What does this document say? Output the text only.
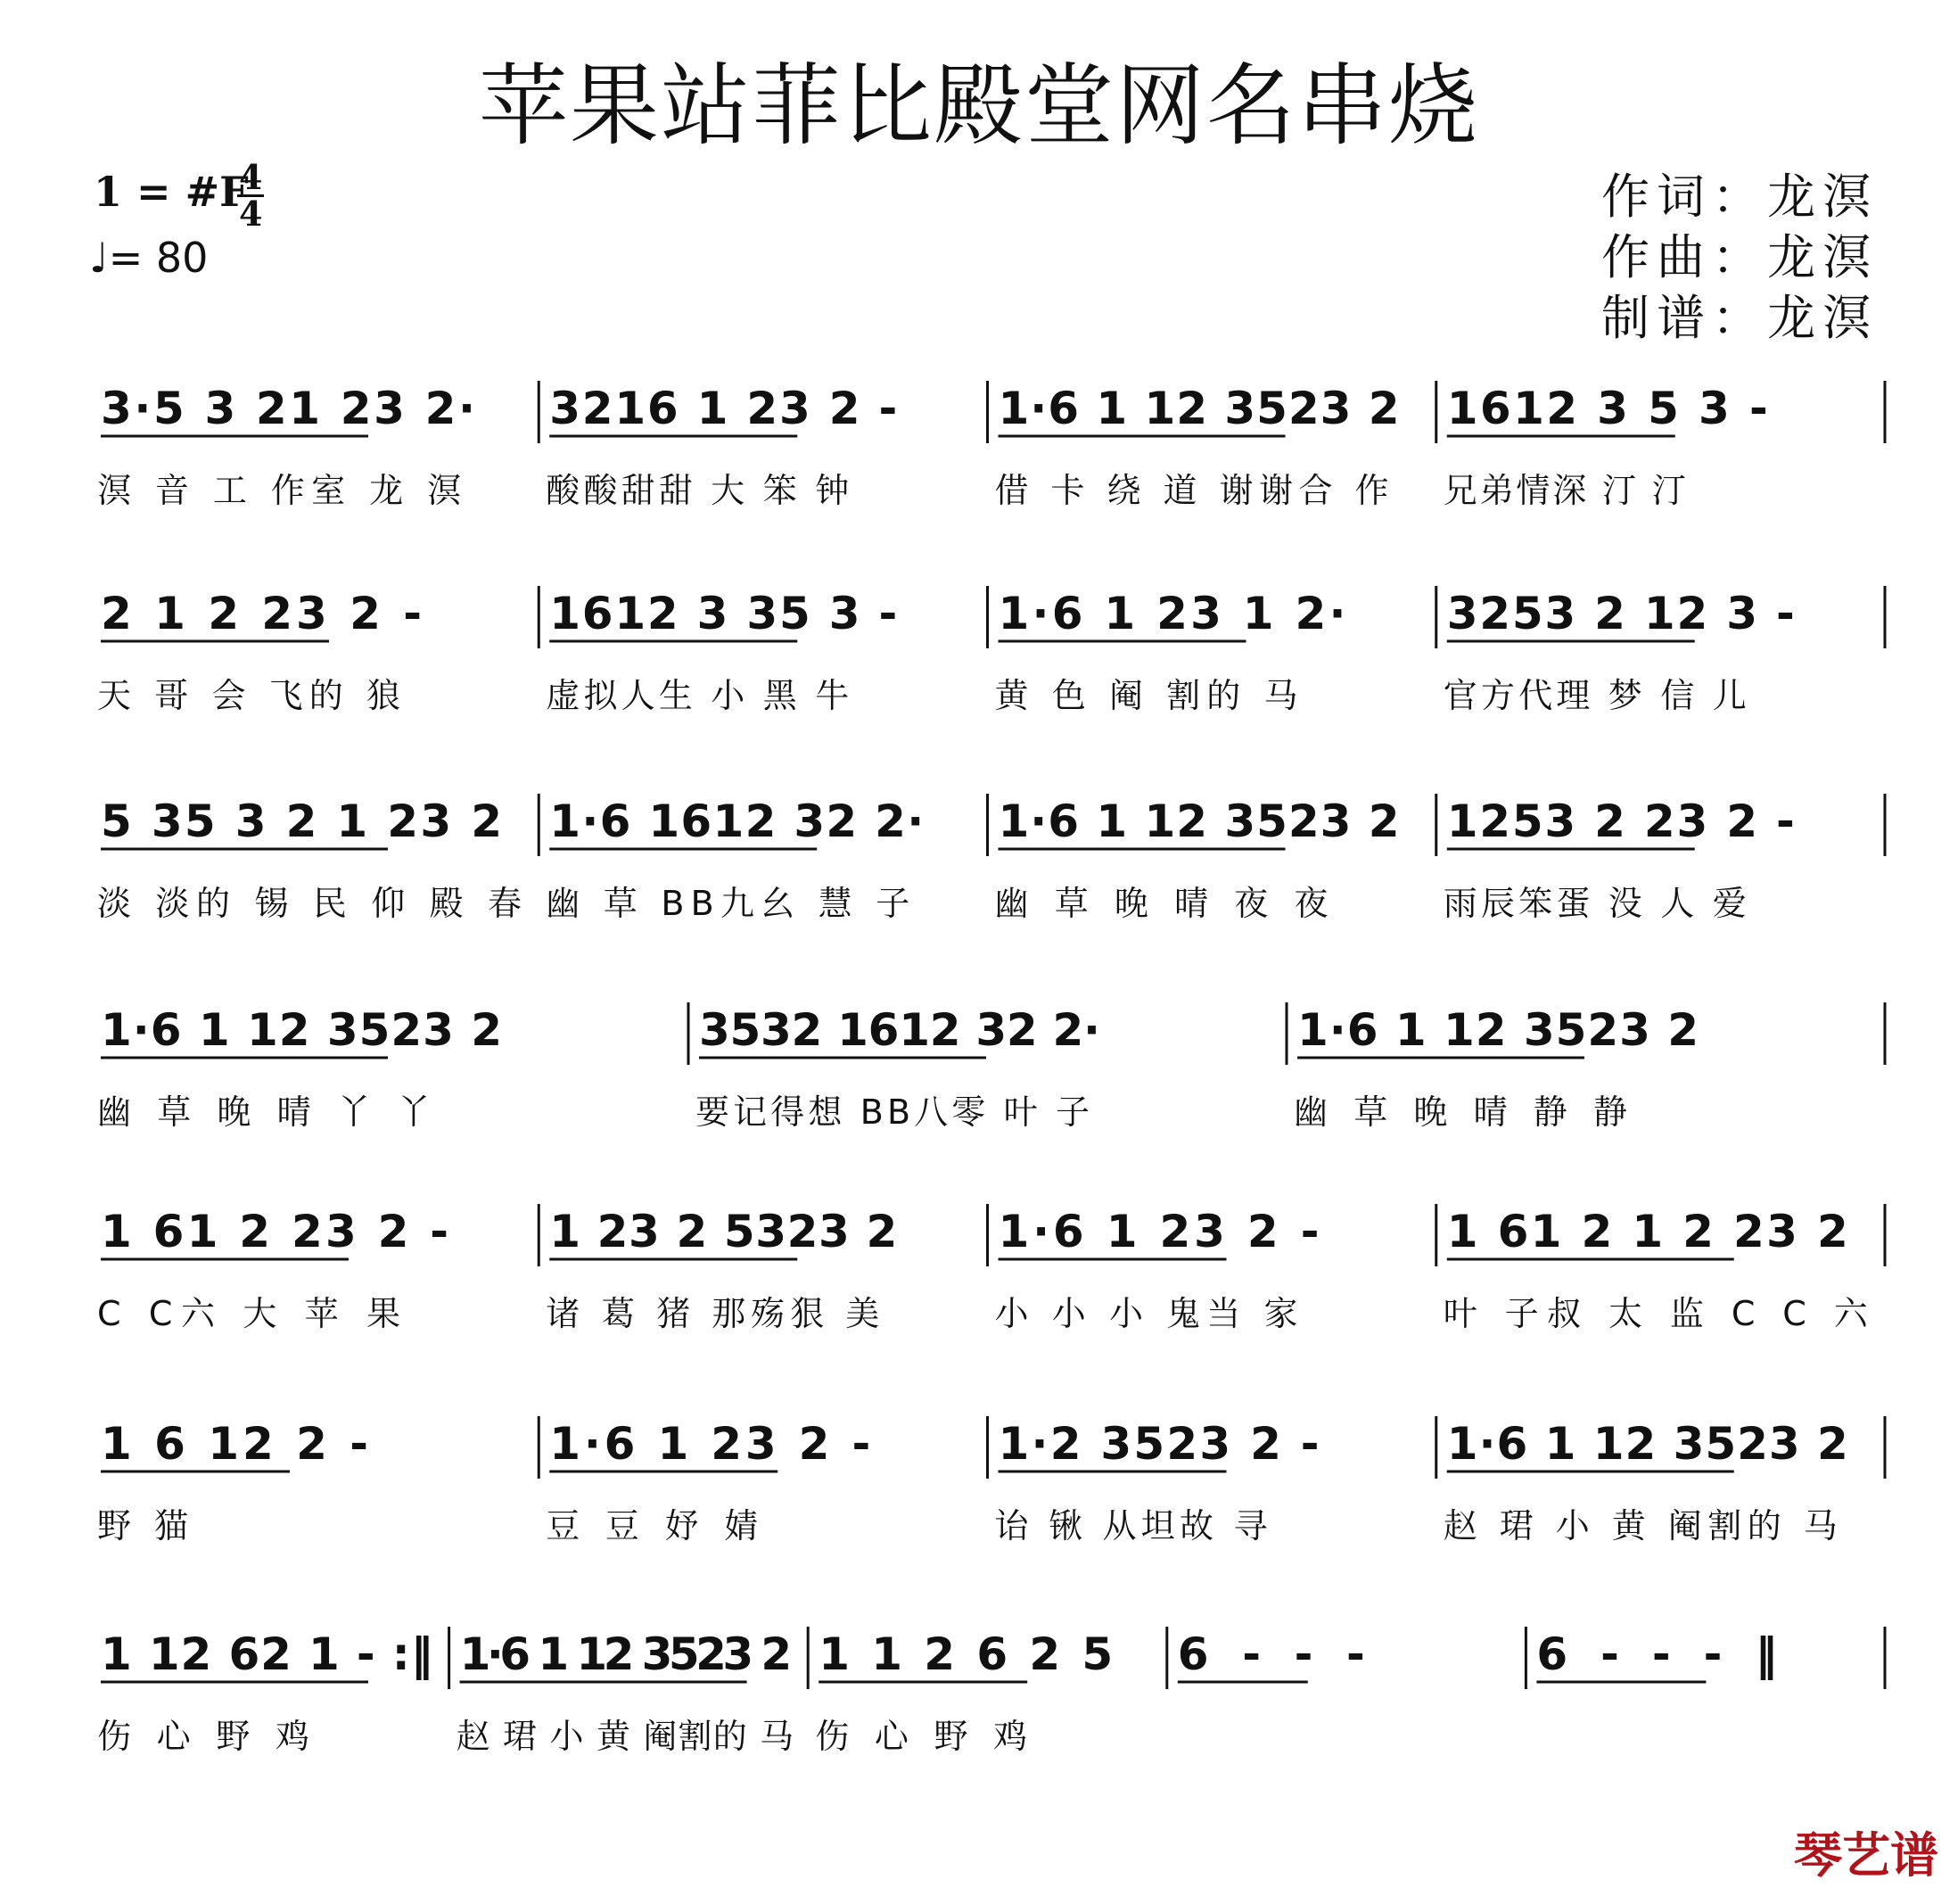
苹果站菲比殿堂网名串烧
1 = #F
4
4
♩= 80
作词：龙溟
作曲：龙溟
制谱：龙溟
3·5 3 21 23 2·
溟 音 工 作室 龙 溟
3216 1 23 2 -
酸酸甜甜 大 笨 钟
1·6 1 12 3523 2
借 卡 绕 道 谢谢合 作
1612 3 5 3 -
兄弟情深 汀 汀
2 1 2 23 2 -
天 哥 会 飞的 狼
1612 3 35 3 -
虚拟人生 小 黑 牛
1·6 1 23 1 2·
黄 色 阉 割的 马
3253 2 12 3 -
官方代理 梦 信 儿
5 35 3 2 1 23 2
淡 淡的 锡 民 仰 殿 春
1·6 1612 32 2·
幽 草 BB九幺 慧 子
1·6 1 12 3523 2
幽 草 晚 晴 夜 夜
1253 2 23 2 -
雨辰笨蛋 没 人 爱
1·6 1 12 3523 2
幽 草 晚 晴 丫 丫
3532 1612 32 2·
要记得想 BB八零 叶 子
1·6 1 12 3523 2
幽 草 晚 晴 静 静
1 61 2 23 2 -
C C六 大 苹 果
1 23 2 5323 2
诸 葛 猪 那殇狠 美
1·6 1 23 2 -
小 小 小 鬼当 家
1 61 2 1 2 23 2
叶 子叔 太 监 C C 六
1 6 12 2 -
野 猫
1·6 1 23 2 -
豆 豆 妤 婧
1·2 3523 2 -
诒 锹 从坦故 寻
1·6 1 12 3523 2
赵 珺 小 黄 阉割的 马
1 12 62 1 - :‖
伤 心 野 鸡
1·6 1 12 3523 2
赵 珺 小 黄 阉割的 马
1 1 2 6 2 5
伤 心 野 鸡
6 - - -	6 - - - ‖
琴艺谱
